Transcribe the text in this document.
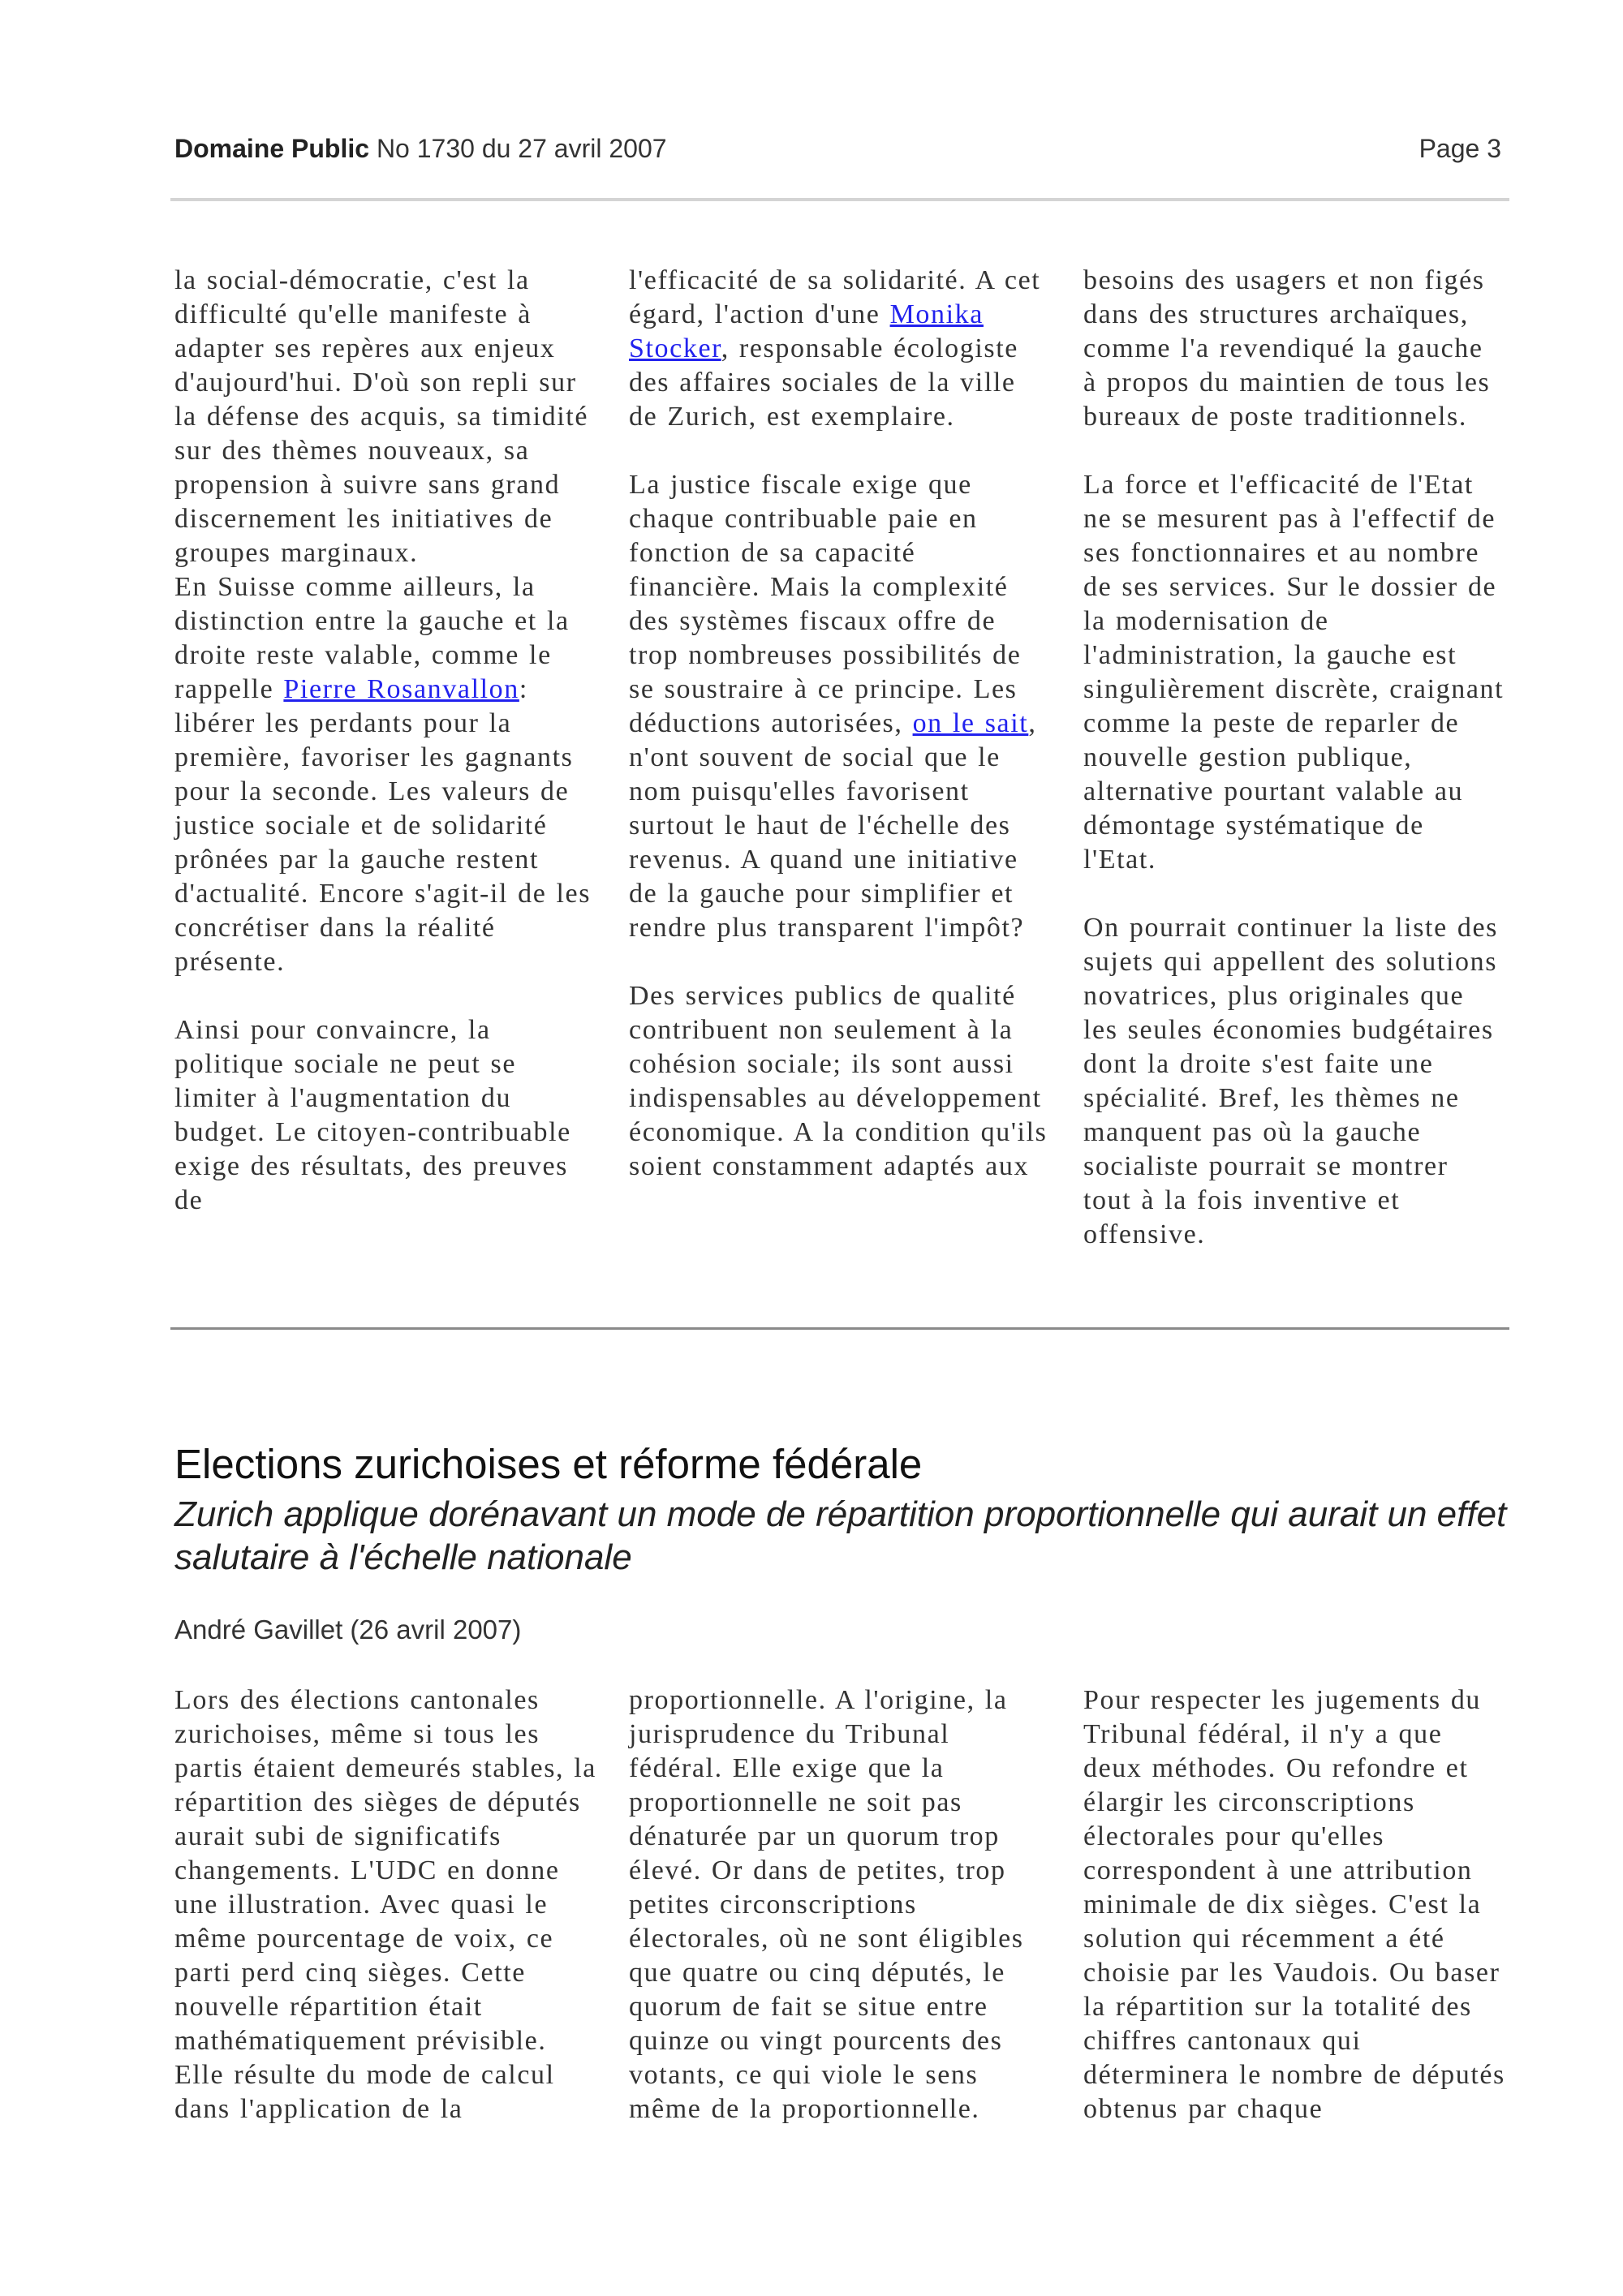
Domaine Public No 1730 du 27 avril 2007	Page 3

la social-démocratie, c'est la difficulté qu'elle manifeste à adapter ses repères aux enjeux d'aujourd'hui. D'où son repli sur la défense des acquis, sa timidité sur des thèmes nouveaux, sa propension à suivre sans grand discernement les initiatives de groupes marginaux.

En Suisse comme ailleurs, la distinction entre la gauche et la droite reste valable, comme le rappelle Pierre Rosanvallon: libérer les perdants pour la première, favoriser les gagnants pour la seconde. Les valeurs de justice sociale et de solidarité prônées par la gauche restent d'actualité. Encore s'agit-il de les concrétiser dans la réalité présente.

Ainsi pour convaincre, la politique sociale ne peut se limiter à l'augmentation du budget. Le citoyen-contribuable exige des résultats, des preuves de

l'efficacité de sa solidarité. A cet égard, l'action d'une Monika Stocker, responsable écologiste des affaires sociales de la ville de Zurich, est exemplaire.

La justice fiscale exige que chaque contribuable paie en fonction de sa capacité financière. Mais la complexité des systèmes fiscaux offre de trop nombreuses possibilités de se soustraire à ce principe. Les déductions autorisées, on le sait, n'ont souvent de social que le nom puisqu'elles favorisent surtout le haut de l'échelle des revenus. A quand une initiative de la gauche pour simplifier et rendre plus transparent l'impôt?

Des services publics de qualité contribuent non seulement à la cohésion sociale; ils sont aussi indispensables au développement économique. A la condition qu'ils soient constamment adaptés aux

besoins des usagers et non figés dans des structures archaïques, comme l'a revendiqué la gauche à propos du maintien de tous les bureaux de poste traditionnels.

La force et l'efficacité de l'Etat ne se mesurent pas à l'effectif de ses fonctionnaires et au nombre de ses services. Sur le dossier de la modernisation de l'administration, la gauche est singulièrement discrète, craignant comme la peste de reparler de nouvelle gestion publique, alternative pourtant valable au démontage systématique de l'Etat.

On pourrait continuer la liste des sujets qui appellent des solutions novatrices, plus originales que les seules économies budgétaires dont la droite s'est faite une spécialité. Bref, les thèmes ne manquent pas où la gauche socialiste pourrait se montrer tout à la fois inventive et offensive.

Elections zurichoises et réforme fédérale
Zurich applique dorénavant un mode de répartition proportionnelle qui aurait un effet salutaire à l'échelle nationale
André Gavillet (26 avril 2007)

Lors des élections cantonales zurichoises, même si tous les partis étaient demeurés stables, la répartition des sièges de députés aurait subi de significatifs changements. L'UDC en donne une illustration. Avec quasi le même pourcentage de voix, ce parti perd cinq sièges. Cette nouvelle répartition était mathématiquement prévisible. Elle résulte du mode de calcul dans l'application de la

proportionnelle. A l'origine, la jurisprudence du Tribunal fédéral. Elle exige que la proportionnelle ne soit pas dénaturée par un quorum trop élevé. Or dans de petites, trop petites circonscriptions électorales, où ne sont éligibles que quatre ou cinq députés, le quorum de fait se situe entre quinze ou vingt pourcents des votants, ce qui viole le sens même de la proportionnelle.

Pour respecter les jugements du Tribunal fédéral, il n'y a que deux méthodes. Ou refondre et élargir les circonscriptions électorales pour qu'elles correspondent à une attribution minimale de dix sièges. C'est la solution qui récemment a été choisie par les Vaudois. Ou baser la répartition sur la totalité des chiffres cantonaux qui déterminera le nombre de députés obtenus par chaque
